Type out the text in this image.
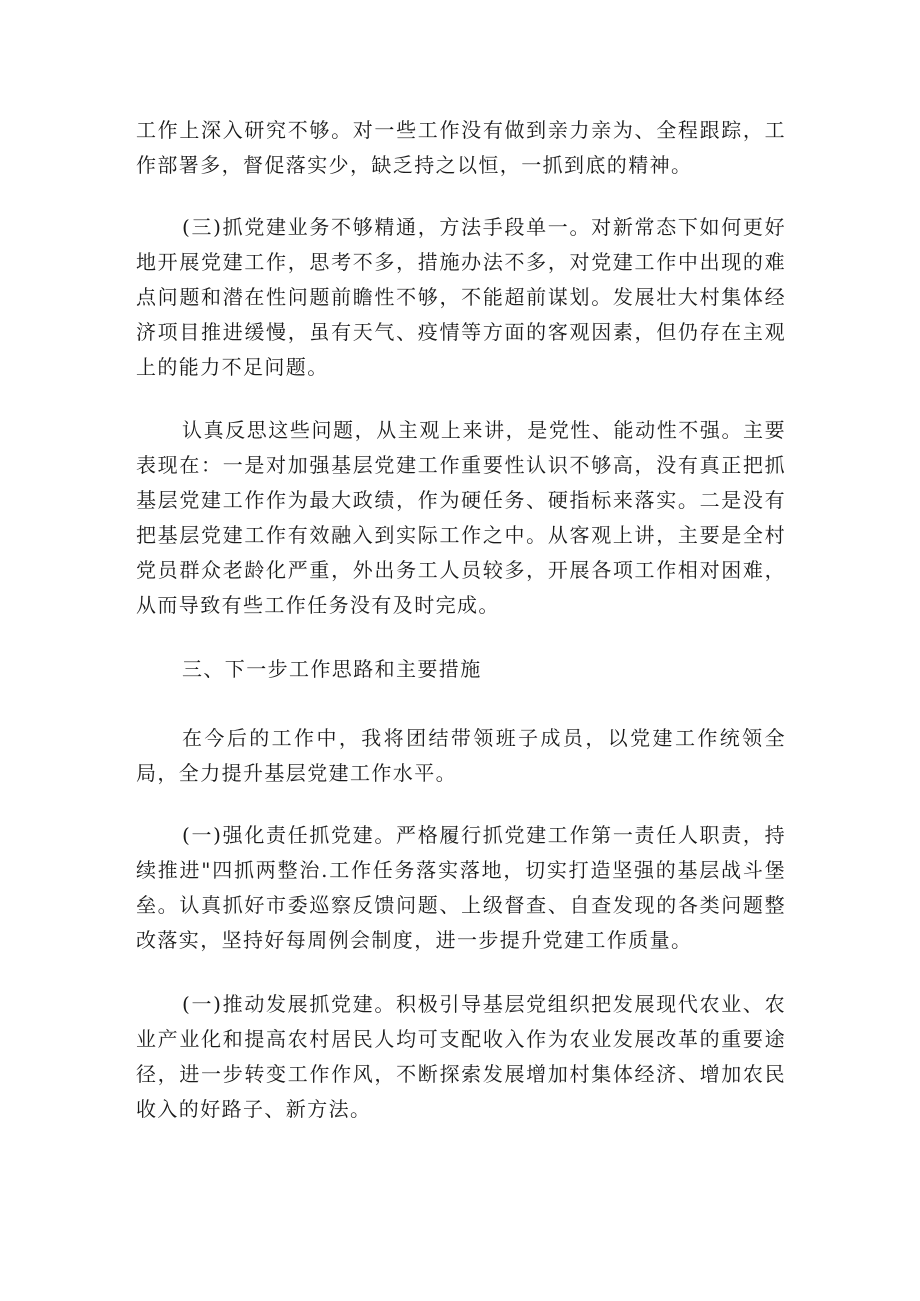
工作上深入研究不够。对一些工作没有做到亲力亲为、全程跟踪，工作部署多，督促落实少，缺乏持之以恒，一抓到底的精神。

(三)抓党建业务不够精通，方法手段单一。对新常态下如何更好地开展党建工作，思考不多，措施办法不多，对党建工作中出现的难点问题和潜在性问题前瞻性不够，不能超前谋划。发展壮大村集体经济项目推进缓慢，虽有天气、疫情等方面的客观因素，但仍存在主观上的能力不足问题。

认真反思这些问题，从主观上来讲，是党性、能动性不强。主要表现在：一是对加强基层党建工作重要性认识不够高，没有真正把抓基层党建工作作为最大政绩，作为硬任务、硬指标来落实。二是没有把基层党建工作有效融入到实际工作之中。从客观上讲，主要是全村党员群众老龄化严重，外出务工人员较多，开展各项工作相对困难，从而导致有些工作任务没有及时完成。

三、下一步工作思路和主要措施

在今后的工作中，我将团结带领班子成员，以党建工作统领全局，全力提升基层党建工作水平。

(一)强化责任抓党建。严格履行抓党建工作第一责任人职责，持续推进"四抓两整治.工作任务落实落地，切实打造坚强的基层战斗堡垒。认真抓好市委巡察反馈问题、上级督查、自查发现的各类问题整改落实，坚持好每周例会制度，进一步提升党建工作质量。

(一)推动发展抓党建。积极引导基层党组织把发展现代农业、农业产业化和提高农村居民人均可支配收入作为农业发展改革的重要途径，进一步转变工作作风，不断探索发展增加村集体经济、增加农民收入的好路子、新方法。
